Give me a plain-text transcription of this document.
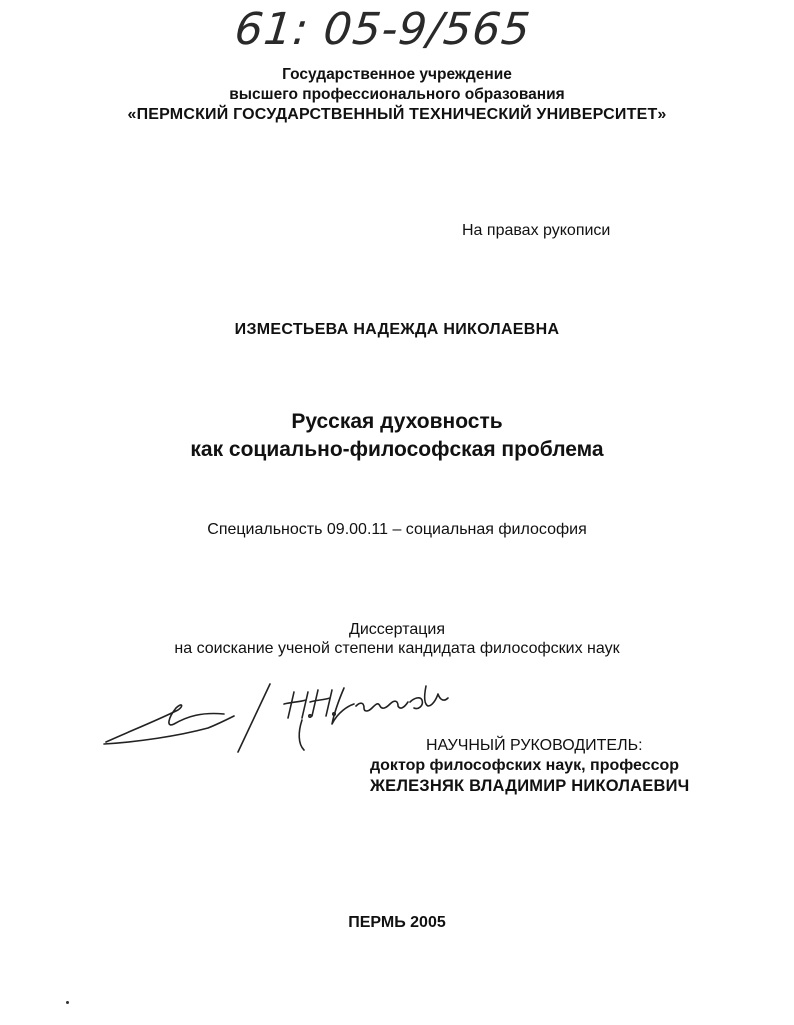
61: 05-9/565
Государственное учреждение
высшего профессионального образования
«ПЕРМСКИЙ ГОСУДАРСТВЕННЫЙ ТЕХНИЧЕСКИЙ УНИВЕРСИТЕТ»
На правах рукописи
ИЗМЕСТЬЕВА НАДЕЖДА НИКОЛАЕВНА
Русская духовность
как социально-философская проблема
Специальность 09.00.11 – социальная философия
Диссертация
на соискание ученой степени кандидата философских наук
НАУЧНЫЙ РУКОВОДИТЕЛЬ:
доктор философских наук, профессор
ЖЕЛЕЗНЯК ВЛАДИМИР НИКОЛАЕВИЧ
ПЕРМЬ 2005
